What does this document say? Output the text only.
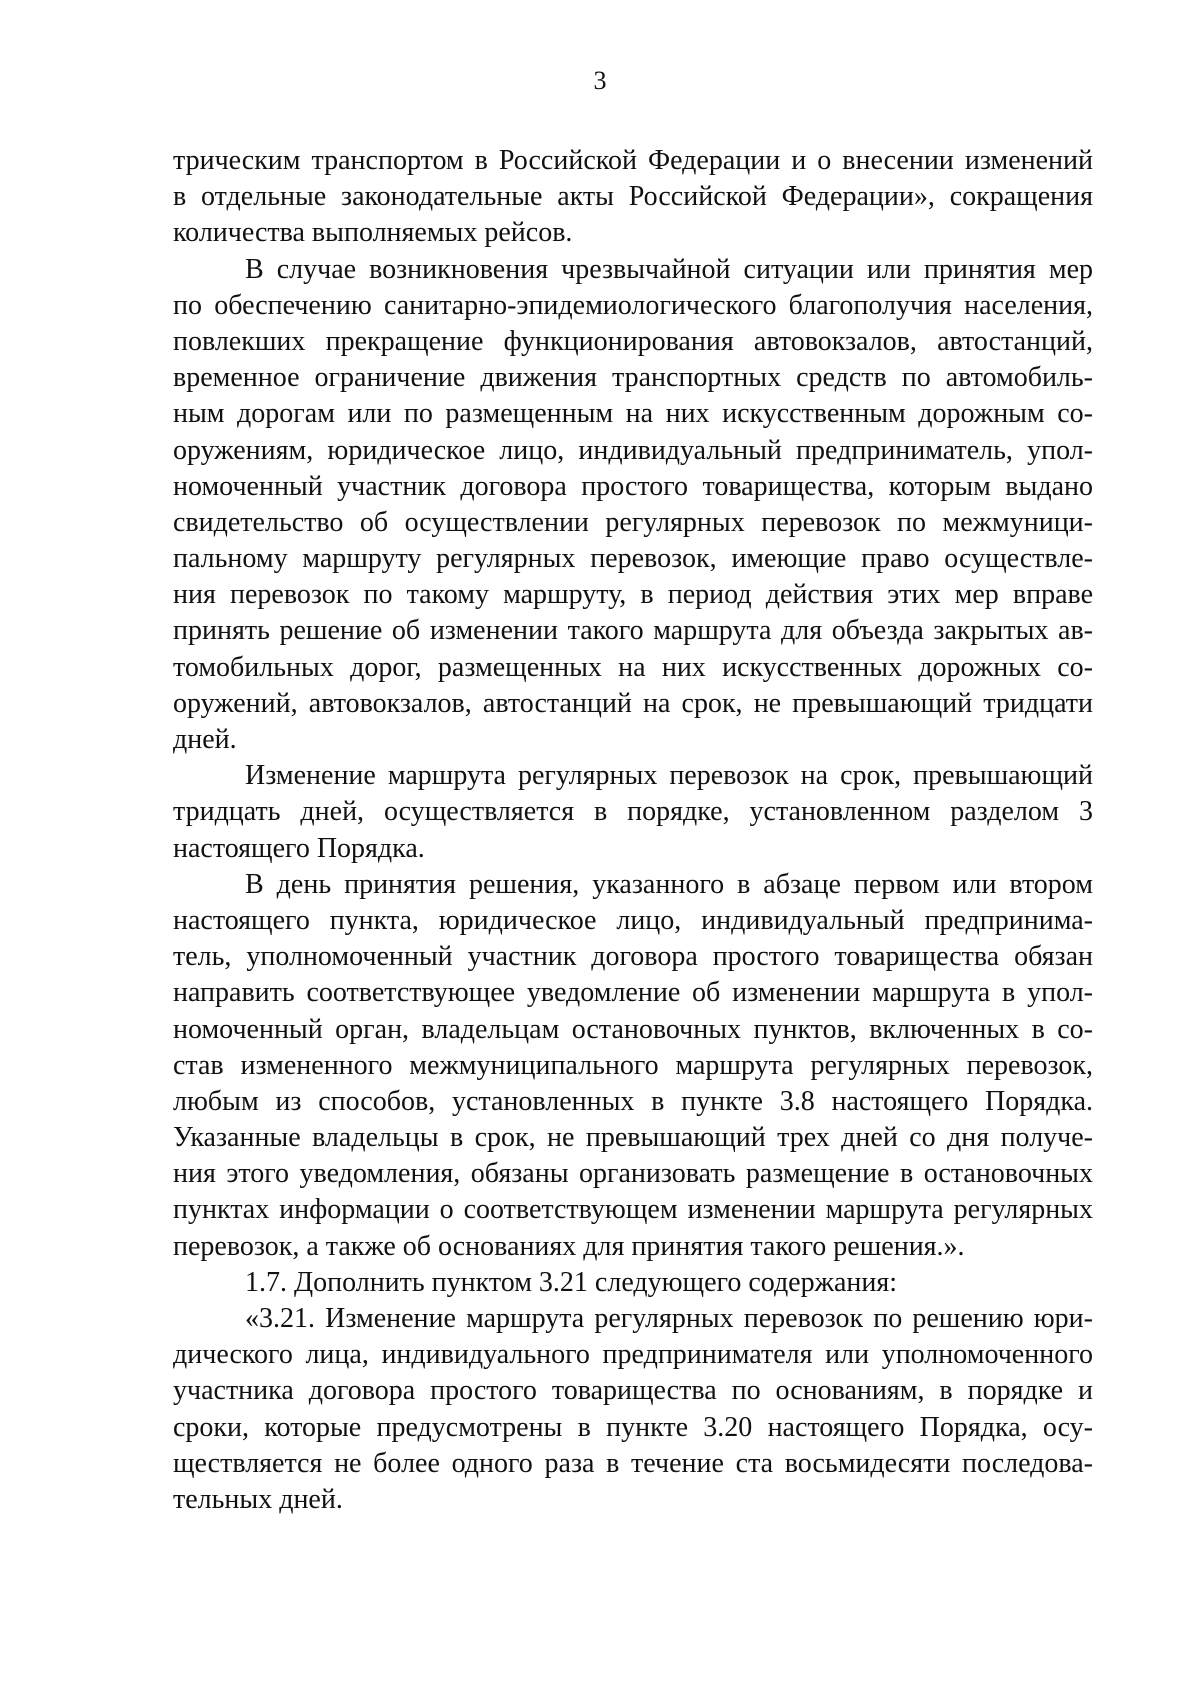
3
трическим транспортом в Российской Федерации и о внесении изменений
в отдельные законодательные акты Российской Федерации», сокращения
количества выполняемых рейсов.
В случае возникновения чрезвычайной ситуации или принятия мер
по обеспечению санитарно-эпидемиологического благополучия населения,
повлекших прекращение функционирования автовокзалов, автостанций,
временное ограничение движения транспортных средств по автомобиль-
ным дорогам или по размещенным на них искусственным дорожным со-
оружениям, юридическое лицо, индивидуальный предприниматель, упол-
номоченный участник договора простого товарищества, которым выдано
свидетельство об осуществлении регулярных перевозок по межмуници-
пальному маршруту регулярных перевозок, имеющие право осуществле-
ния перевозок по такому маршруту, в период действия этих мер вправе
принять решение об изменении такого маршрута для объезда закрытых ав-
томобильных дорог, размещенных на них искусственных дорожных со-
оружений, автовокзалов, автостанций на срок, не превышающий тридцати
дней.
Изменение маршрута регулярных перевозок на срок, превышающий
тридцать дней, осуществляется в порядке, установленном разделом 3
настоящего Порядка.
В день принятия решения, указанного в абзаце первом или втором
настоящего пункта, юридическое лицо, индивидуальный предпринима-
тель, уполномоченный участник договора простого товарищества обязан
направить соответствующее уведомление об изменении маршрута в упол-
номоченный орган, владельцам остановочных пунктов, включенных в со-
став измененного межмуниципального маршрута регулярных перевозок,
любым из способов, установленных в пункте 3.8 настоящего Порядка.
Указанные владельцы в срок, не превышающий трех дней со дня получе-
ния этого уведомления, обязаны организовать размещение в остановочных
пунктах информации о соответствующем изменении маршрута регулярных
перевозок, а также об основаниях для принятия такого решения.».
1.7. Дополнить пунктом 3.21 следующего содержания:
«3.21. Изменение маршрута регулярных перевозок по решению юри-
дического лица, индивидуального предпринимателя или уполномоченного
участника договора простого товарищества по основаниям, в порядке и
сроки, которые предусмотрены в пункте 3.20 настоящего Порядка, осу-
ществляется не более одного раза в течение ста восьмидесяти последова-
тельных дней.
